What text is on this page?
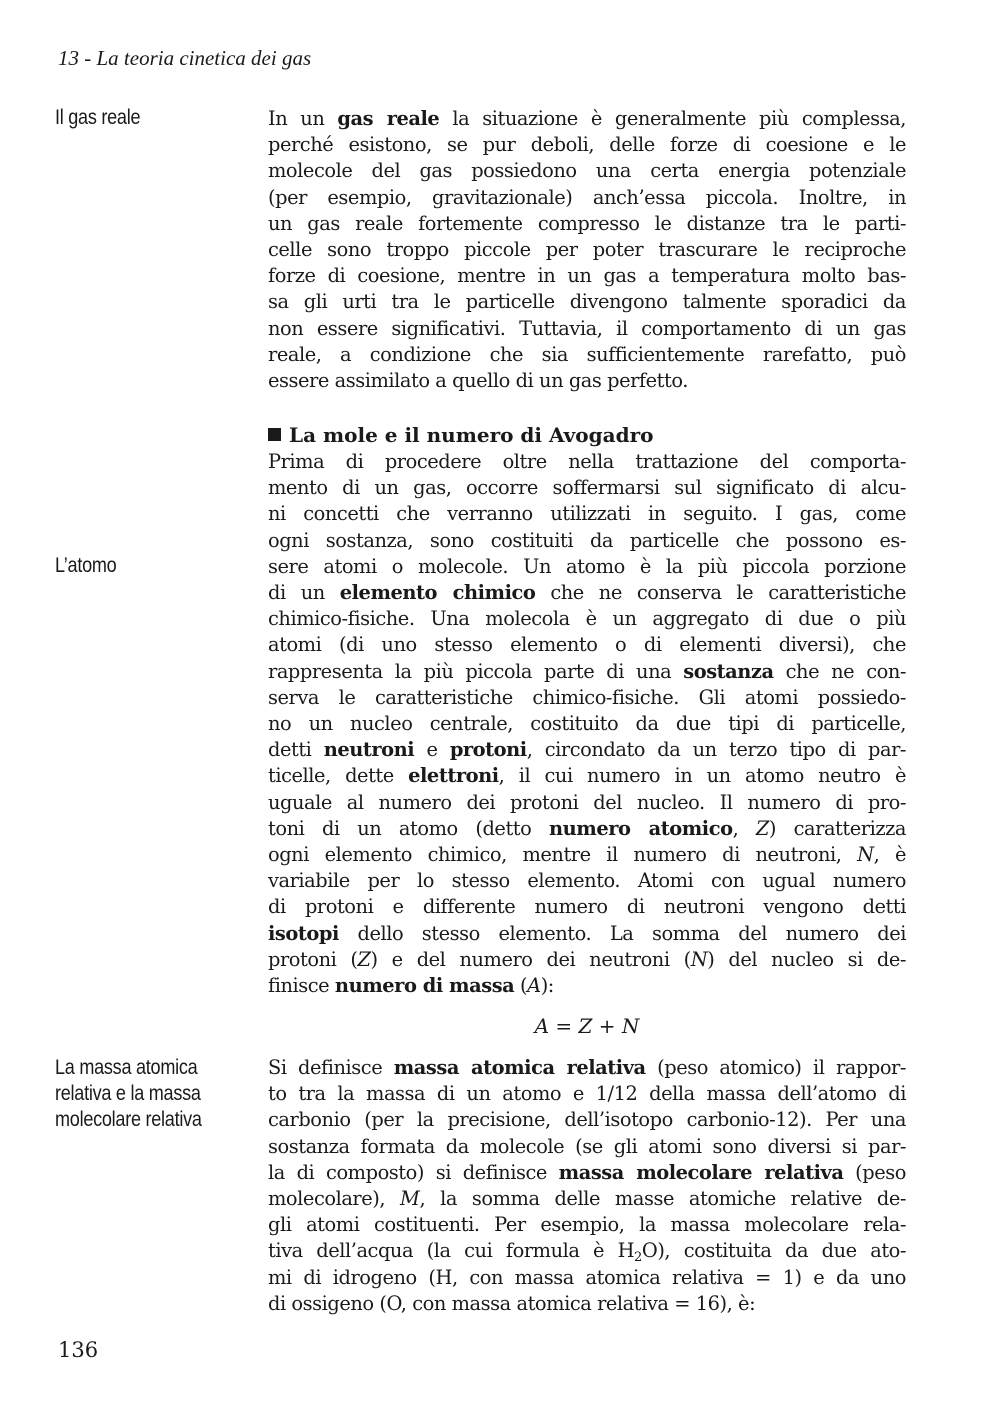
13 - La teoria cinetica dei gas
Il gas reale
L’atomo
La massa atomica
relativa e la massa
molecolare relativa
In un gas reale la situazione è generalmente più complessa,
perché esistono, se pur deboli, delle forze di coesione e le
molecole del gas possiedono una certa energia potenziale
(per esempio, gravitazionale) anch’essa piccola. Inoltre, in
un gas reale fortemente compresso le distanze tra le parti-
celle sono troppo piccole per poter trascurare le reciproche
forze di coesione, mentre in un gas a temperatura molto bas-
sa gli urti tra le particelle divengono talmente sporadici da
non essere significativi. Tuttavia, il comportamento di un gas
reale, a condizione che sia sufficientemente rarefatto, può
essere assimilato a quello di un gas perfetto.
La mole e il numero di Avogadro
Prima di procedere oltre nella trattazione del comporta-
mento di un gas, occorre soffermarsi sul significato di alcu-
ni concetti che verranno utilizzati in seguito. I gas, come
ogni sostanza, sono costituiti da particelle che possono es-
sere atomi o molecole. Un atomo è la più piccola porzione
di un elemento chimico che ne conserva le caratteristiche
chimico-fisiche. Una molecola è un aggregato di due o più
atomi (di uno stesso elemento o di elementi diversi), che
rappresenta la più piccola parte di una sostanza che ne con-
serva le caratteristiche chimico-fisiche. Gli atomi possiedo-
no un nucleo centrale, costituito da due tipi di particelle,
detti neutroni e protoni, circondato da un terzo tipo di par-
ticelle, dette elettroni, il cui numero in un atomo neutro è
uguale al numero dei protoni del nucleo. Il numero di pro-
toni di un atomo (detto numero atomico, Z) caratterizza
ogni elemento chimico, mentre il numero di neutroni, N, è
variabile per lo stesso elemento. Atomi con ugual numero
di protoni e differente numero di neutroni vengono detti
isotopi dello stesso elemento. La somma del numero dei
protoni (Z) e del numero dei neutroni (N) del nucleo si de-
finisce numero di massa (A):
A = Z + N
Si definisce massa atomica relativa (peso atomico) il rappor-
to tra la massa di un atomo e 1/12 della massa dell’atomo di
carbonio (per la precisione, dell’isotopo carbonio-12). Per una
sostanza formata da molecole (se gli atomi sono diversi si par-
la di composto) si definisce massa molecolare relativa (peso
molecolare), M, la somma delle masse atomiche relative de-
gli atomi costituenti. Per esempio, la massa molecolare rela-
tiva dell’acqua (la cui formula è $H_2O$), costituita da due ato-
mi di idrogeno (H, con massa atomica relativa = 1) e da uno
di ossigeno (O, con massa atomica relativa = 16), è:
136
